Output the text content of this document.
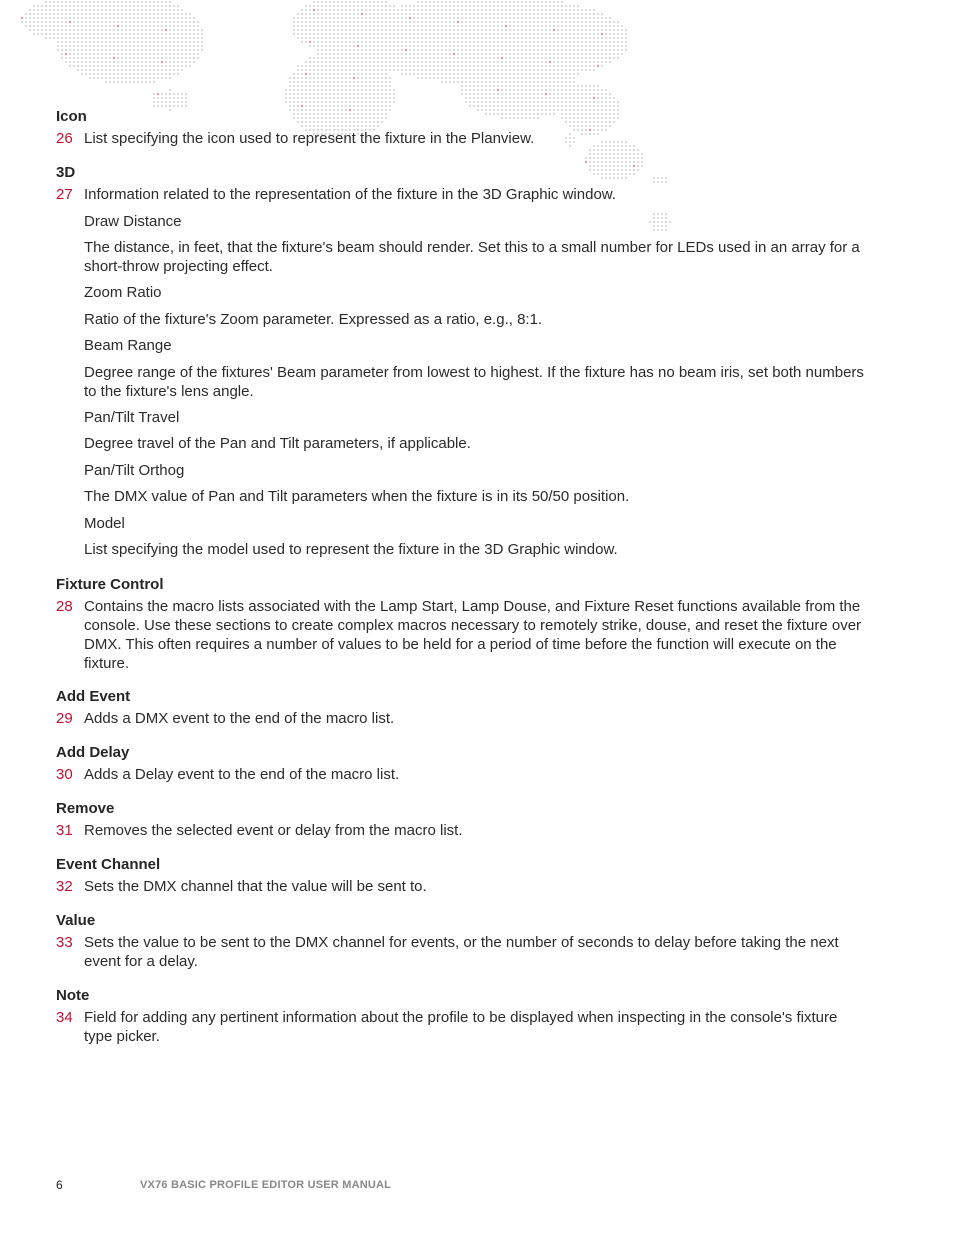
Icon
26 List specifying the icon used to represent the fixture in the Planview.
3D
27 Information related to the representation of the fixture in the 3D Graphic window.
Draw Distance
The distance, in feet, that the fixture's beam should render. Set this to a small number for LEDs used in an array for a short-throw projecting effect.
Zoom Ratio
Ratio of the fixture's Zoom parameter. Expressed as a ratio, e.g., 8:1.
Beam Range
Degree range of the fixtures' Beam parameter from lowest to highest. If the fixture has no beam iris, set both numbers to the fixture's lens angle.
Pan/Tilt Travel
Degree travel of the Pan and Tilt parameters, if applicable.
Pan/Tilt Orthog
The DMX value of Pan and Tilt parameters when the fixture is in its 50/50 position.
Model
List specifying the model used to represent the fixture in the 3D Graphic window.
Fixture Control
28 Contains the macro lists associated with the Lamp Start, Lamp Douse, and Fixture Reset functions available from the console. Use these sections to create complex macros necessary to remotely strike, douse, and reset the fixture over DMX. This often requires a number of values to be held for a period of time before the function will execute on the fixture.
Add Event
29 Adds a DMX event to the end of the macro list.
Add Delay
30 Adds a Delay event to the end of the macro list.
Remove
31 Removes the selected event or delay from the macro list.
Event Channel
32 Sets the DMX channel that the value will be sent to.
Value
33 Sets the value to be sent to the DMX channel for events, or the number of seconds to delay before taking the next event for a delay.
Note
34 Field for adding any pertinent information about the profile to be displayed when inspecting in the console's fixture type picker.
6	VX76 BASIC PROFILE EDITOR USER MANUAL
